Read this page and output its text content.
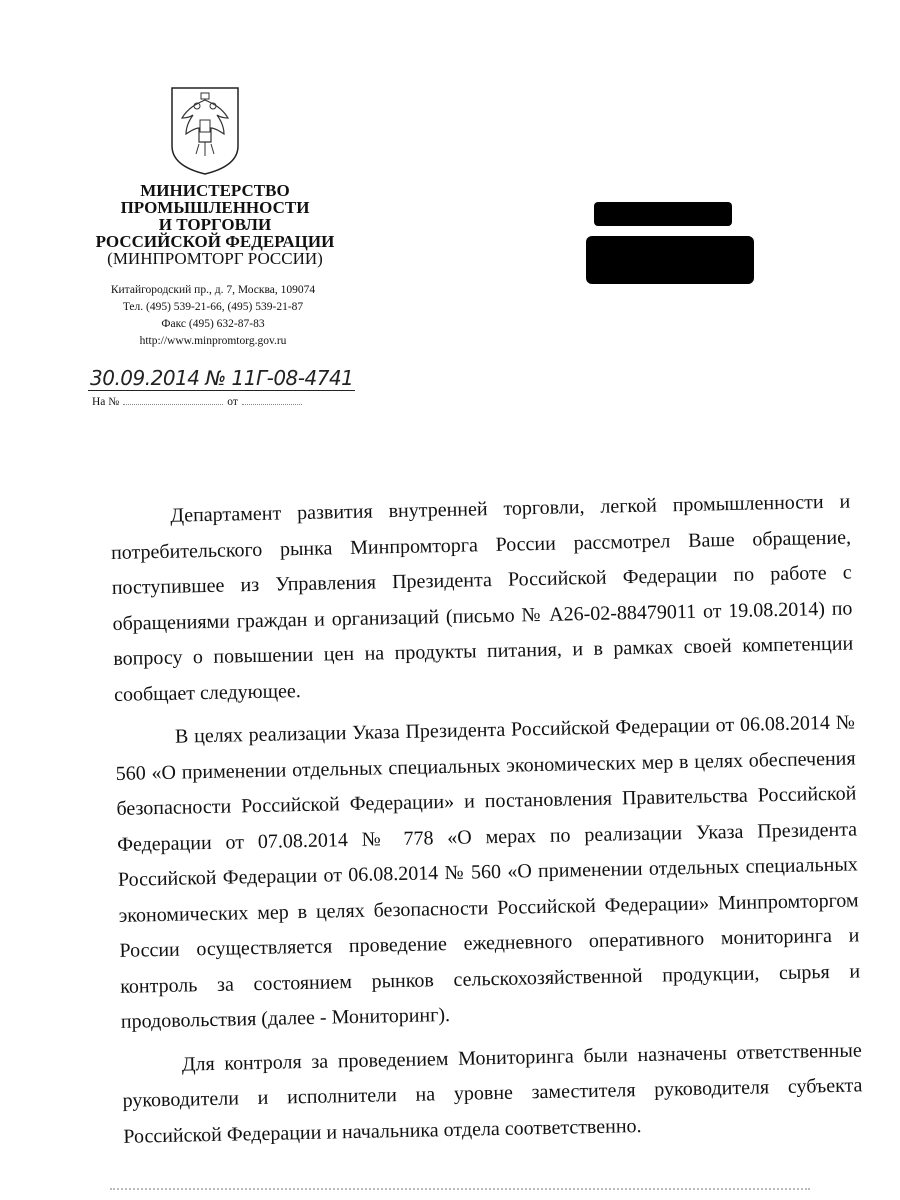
МИНИСТЕРСТВО
ПРОМЫШЛЕННОСТИ
И ТОРГОВЛИ
РОССИЙСКОЙ ФЕДЕРАЦИИ
(МИНПРОМТОРГ РОССИИ)
Китайгородский пр., д. 7, Москва, 109074
Тел. (495) 539-21-66, (495) 539-21-87
Факс (495) 632-87-83
http://www.minpromtorg.gov.ru
30.09.2014 № 11Г-08-4741
На №	от

Департамент развития внутренней торговли, легкой промышленности и потребительского рынка Минпромторга России рассмотрел Ваше обращение, поступившее из Управления Президента Российской Федерации по работе с обращениями граждан и организаций (письмо № А26-02-88479011 от 19.08.2014) по вопросу о повышении цен на продукты питания, и в рамках своей компетенции сообщает следующее.

В целях реализации Указа Президента Российской Федерации от 06.08.2014 № 560 «О применении отдельных специальных экономических мер в целях обеспечения безопасности Российской Федерации» и постановления Правительства Российской Федерации от 07.08.2014 № 778 «О мерах по реализации Указа Президента Российской Федерации от 06.08.2014 № 560 «О применении отдельных специальных экономических мер в целях безопасности Российской Федерации» Минпромторгом России осуществляется проведение ежедневного оперативного мониторинга и контроль за состоянием рынков сельскохозяйственной продукции, сырья и продовольствия (далее - Мониторинг).

Для контроля за проведением Мониторинга были назначены ответственные руководители и исполнители на уровне заместителя руководителя субъекта Российской Федерации и начальника отдела соответственно.
